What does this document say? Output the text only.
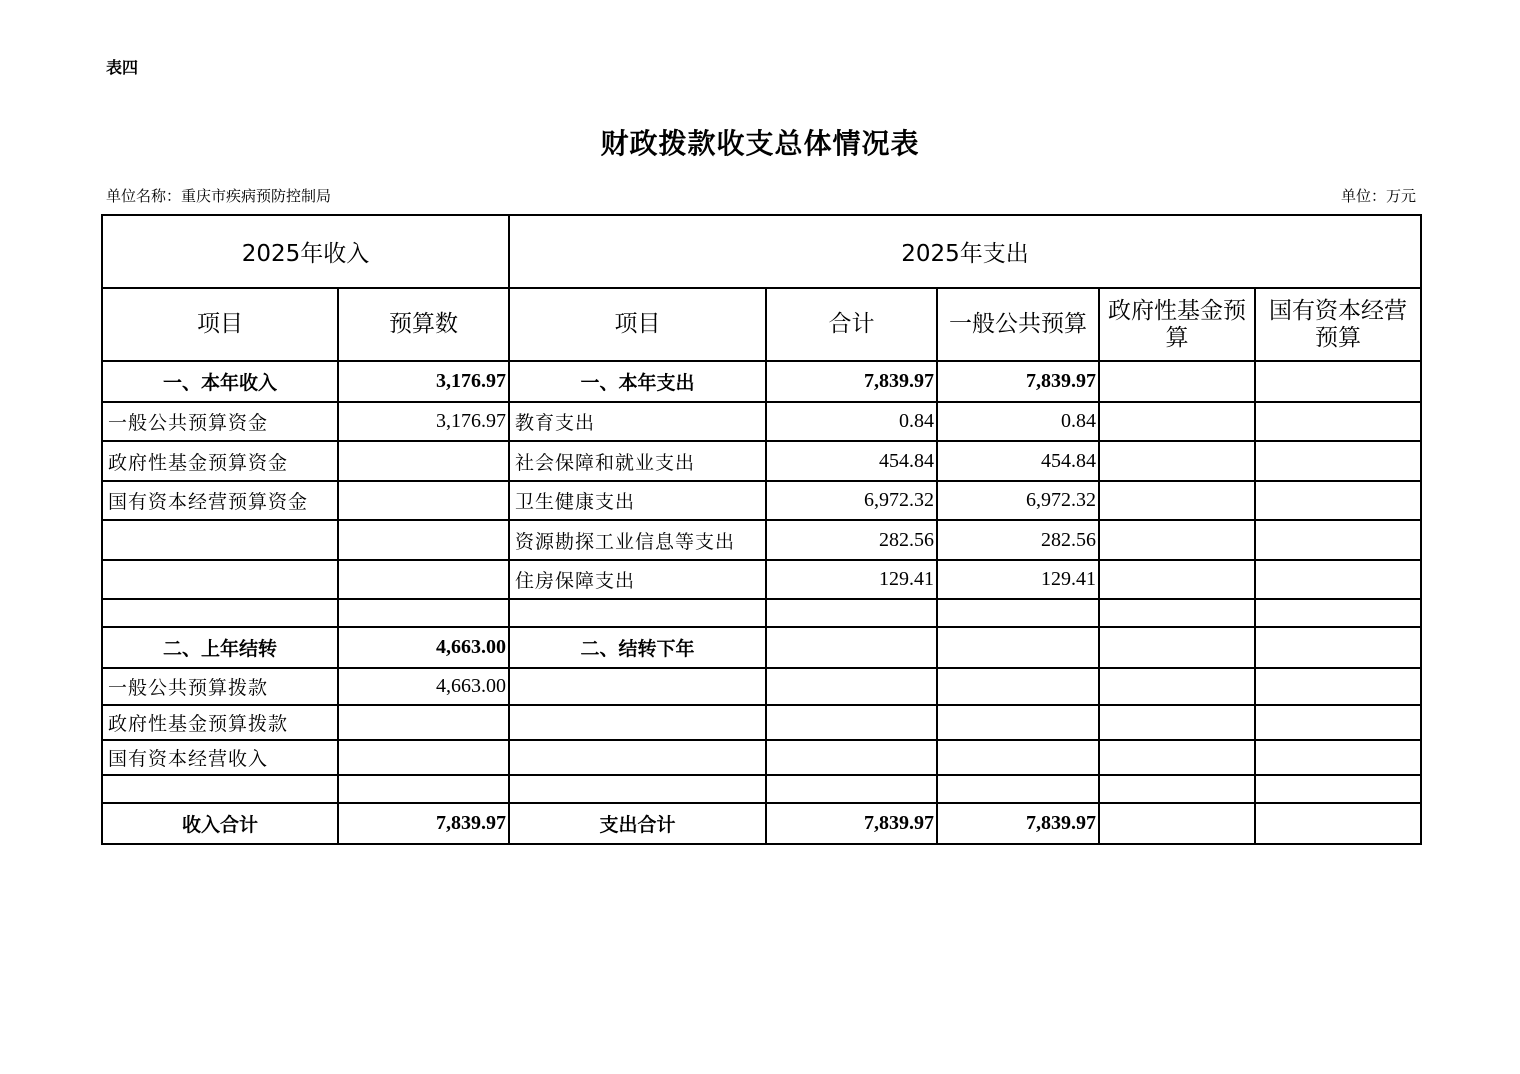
表四
财政拨款收支总体情况表
单位名称：重庆市疾病预防控制局	单位：万元
2025年收入		2025年支出				
项目	预算数	项目	合计	一般公共预算	政府性基金预算	国有资本经营预算
一、本年收入	3,176.97	一、本年支出	7,839.97	7,839.97		
一般公共预算资金	3,176.97	教育支出	0.84	0.84		
政府性基金预算资金		社会保障和就业支出	454.84	454.84		
国有资本经营预算资金		卫生健康支出	6,972.32	6,972.32		
		资源勘探工业信息等支出	282.56	282.56		
		住房保障支出	129.41	129.41		

二、上年结转	4,663.00	二、结转下年				
一般公共预算拨款	4,663.00					
政府性基金预算拨款						
国有资本经营收入						

收入合计	7,839.97	支出合计	7,839.97	7,839.97		
